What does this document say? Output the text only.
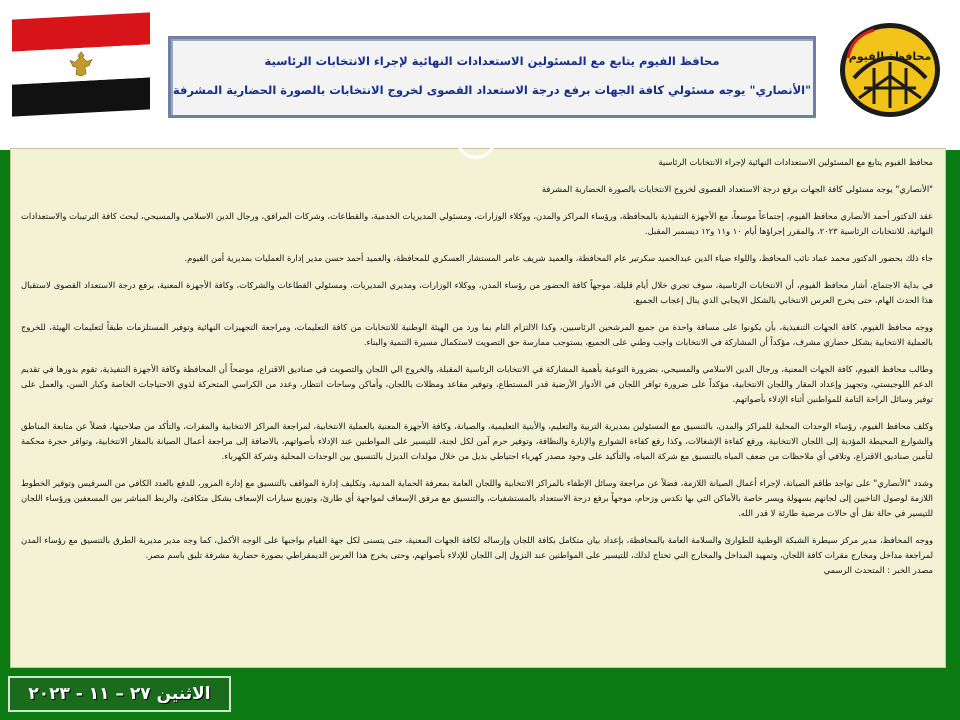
محافظة الفيوم
محافظ الفيوم يتابع مع المسئولين الاستعدادات النهائية لإجراء الانتخابات الرئاسية
"الأنصاري" يوجه مسئولي كافة الجهات برفع درجة الاستعداد القصوى لخروج الانتخابات بالصورة الحضارية المشرفة

محافظ الفيوم يتابع مع المسئولين الاستعدادات النهائية لإجراء الانتخابات الرئاسية

"الأنصاري" يوجه مسئولي كافة الجهات برفع درجة الاستعداد القصوى لخروج الانتخابات بالصورة الحضارية المشرفة

عقد الدكتور أحمد الأنصاري محافظ الفيوم، إجتماعاً موسعاً، مع الأجهزة التنفيذية بالمحافظة، ورؤساء المراكز والمدن، ووكلاء الوزارات، ومسئولي المديريات الخدمية، والقطاعات، وشركات المرافق، ورجال الدين الاسلامي والمسيحي، لبحث كافة الترتيبات والاستعدادات النهائية، للانتخابات الرئاسية ٢٠٢٣، والمقرر إجراؤها أيام ١٠ و١١ و١٢ ديسمبر المقبل.

جاء ذلك بحضور الدكتور محمد عماد نائب المحافظ، واللواء ضياء الدين عبدالحميد سكرتير عام المحافظة، والعميد شريف عامر المستشار العسكري للمحافظة، والعميد أحمد حسن مدير إدارة العمليات بمديرية أمن الفيوم.

في بداية الاجتماع، أشار محافظ الفيوم، أن الانتخابات الرئاسية، سوف تجري خلال أيام قليلة، موجهاً كافة الحضور من رؤساء المدن، ووكلاء الوزارات، ومديري المديريات، ومسئولي القطاعات والشركات، وكافة الأجهزة المعنية، برفع درجة الاستعداد القصوى لاستقبال هذا الحدث الهام، حتى يخرج العرس الانتخابي بالشكل الايجابي الذي ينال إعجاب الجميع.

ووجه محافظ الفيوم، كافة الجهات التنفيذية، بأن يكونوا على مسافة واحدة من جميع المرشحين الرئاسيين، وكذا الالتزام التام بما ورد من الهيئة الوطنية للانتخابات من كافة التعليمات، ومراجعة التجهيزات النهائية وتوفير المستلزمات طبقاً لتعليمات الهيئة، للخروج بالعملية الانتخابية بشكل حضاري مشرف، مؤكداً أن المشاركة في الانتخابات واجب وطني على الجميع، يستوجب ممارسة حق التصويت لاستكمال مسيرة التنمية والبناء.

وطالب محافظ الفيوم، كافة الجهات المعنية، ورجال الدين الاسلامي والمسيحي، بضرورة التوعية بأهمية المشاركة في الانتخابات الرئاسية المقبلة، والخروج الي اللجان والتصويت في صناديق الاقتراع، موضحاً أن المحافظة وكافة الأجهزة التنفيذية، تقوم بدورها في تقديم الدعم اللوجيستي، وتجهيز وإعداد المقار واللجان الانتخابية، مؤكداً على ضرورة توافر اللجان في الأدوار الأرضية قدر المستطاع، وتوفير مقاعد ومظلات باللجان، وأماكن وساحات انتظار، وعدد من الكراسي المتحركة لذوي الاحتياجات الخاصة وكبار السن، والعمل على توفير وسائل الراحة التامة للمواطنين أثناء الإدلاء بأصواتهم.

وكلف محافظ الفيوم، رؤساء الوحدات المحلية للمراكز والمدن، بالتنسيق مع المسئولين بمديرية التربية والتعليم، والأبنية التعليمية، والصيانة، وكافة الأجهزة المعنية بالعملية الانتخابية، لمراجعة المراكز الانتخابية والمقرات، والتأكد من صلاحيتها، فضلاً عن متابعة المناطق والشوارع المحيطة المؤدية إلى اللجان الانتخابية، ورفع كفاءة الإشغالات، وكذا رفع كفاءة الشوارع والإنارة والنظافة، وتوفير حرم آمن لكل لجنة، للتيسير على المواطنين عند الإدلاء بأصواتهم، بالاضافة إلى مراجعة أعمال الصيانة بالمقار الانتخابية، وتوافر حجرة محكمة لتأمين صناديق الاقتراع، وتلافي أي ملاحظات من ضعف المياه بالتنسيق مع شركة المياه، والتأكيد على وجود مصدر كهرباء احتياطي بديل من خلال مولدات الديزل بالتنسيق بين الوحدات المحلية وشركة الكهرباء.

وشدد "الأنصاري" على تواجد طاقم الصيانة، لإجراء أعمال الصيانة اللازمة، فضلاً عن مراجعة وسائل الإطفاء بالمراكز الانتخابية واللجان العامة بمعرفة الحماية المدنية، وتكليف إدارة المواقف بالتنسيق مع إدارة المرور، للدفع بالعدد الكافي من السرفيس وتوفير الخطوط اللازمة لوصول الناخبين إلى لجانهم بسهولة ويسر خاصة بالأماكن التي بها تكدس وزحام، موجهاً برفع درجة الاستعداد بالمستشفيات، والتنسيق مع مرفق الإسعاف لمواجهة أي طارئ، وتوزيع سيارات الإسعاف بشكل متكافئ، والربط المباشر بين المسعفين ورؤساء اللجان للتيسير في حالة نقل أي حالات مرضية طارئة لا قدر الله.

ووجه المحافظ، مدير مركز سيطرة الشبكة الوطنية للطوارئ والسلامة العامة بالمحافظة، بإعداد بيان متكامل بكافة اللجان وإرساله لكافة الجهات المعنية، حتى يتسنى لكل جهة القيام بواجبها على الوجه الأكمل، كما وجه مدير مديرية الطرق بالتنسيق مع رؤساء المدن لمراجعة مداخل ومخارج مقرات كافة اللجان، وتمهيد المداخل والمخارج التي تحتاج لذلك، للتيسير على المواطنين عند النزول إلى اللجان للإدلاء بأصواتهم، وحتى يخرج هذا العرس الديمقراطي بصورة حضارية مشرفة تليق باسم مصر.

مصدر الخبر : المتحدث الرسمي

الاثنين ٢٧ – ١١ - ٢٠٢٣
